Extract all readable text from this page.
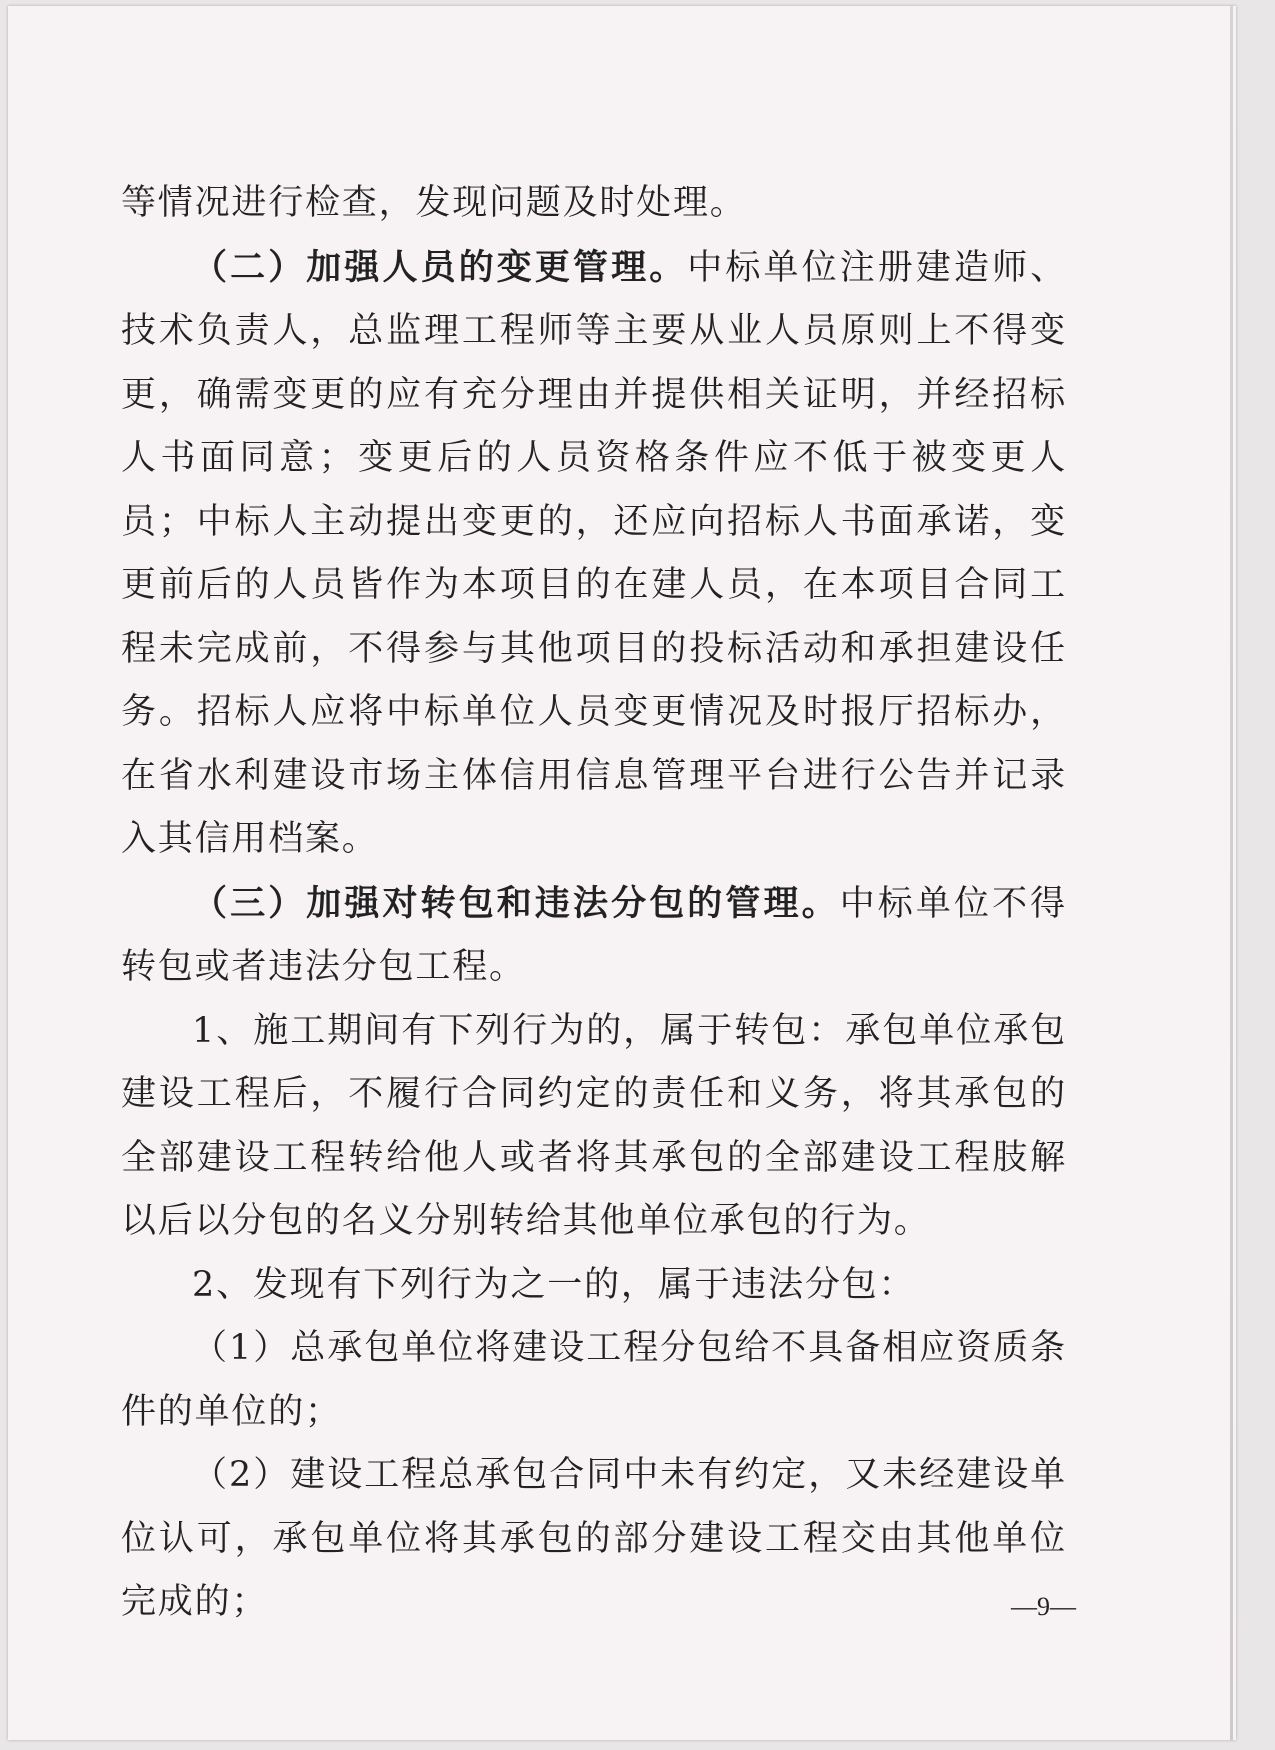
等情况进行检查，发现问题及时处理。

（二）加强人员的变更管理。中标单位注册建造师、技术负责人，总监理工程师等主要从业人员原则上不得变更，确需变更的应有充分理由并提供相关证明，并经招标人书面同意；变更后的人员资格条件应不低于被变更人员；中标人主动提出变更的，还应向招标人书面承诺，变更前后的人员皆作为本项目的在建人员，在本项目合同工程未完成前，不得参与其他项目的投标活动和承担建设任务。招标人应将中标单位人员变更情况及时报厅招标办，在省水利建设市场主体信用信息管理平台进行公告并记录入其信用档案。

（三）加强对转包和违法分包的管理。中标单位不得转包或者违法分包工程。

1、施工期间有下列行为的，属于转包：承包单位承包建设工程后，不履行合同约定的责任和义务，将其承包的全部建设工程转给他人或者将其承包的全部建设工程肢解以后以分包的名义分别转给其他单位承包的行为。

2、发现有下列行为之一的，属于违法分包：

（1）总承包单位将建设工程分包给不具备相应资质条件的单位的；

（2）建设工程总承包合同中未有约定，又未经建设单位认可，承包单位将其承包的部分建设工程交由其他单位完成的；	—9—
